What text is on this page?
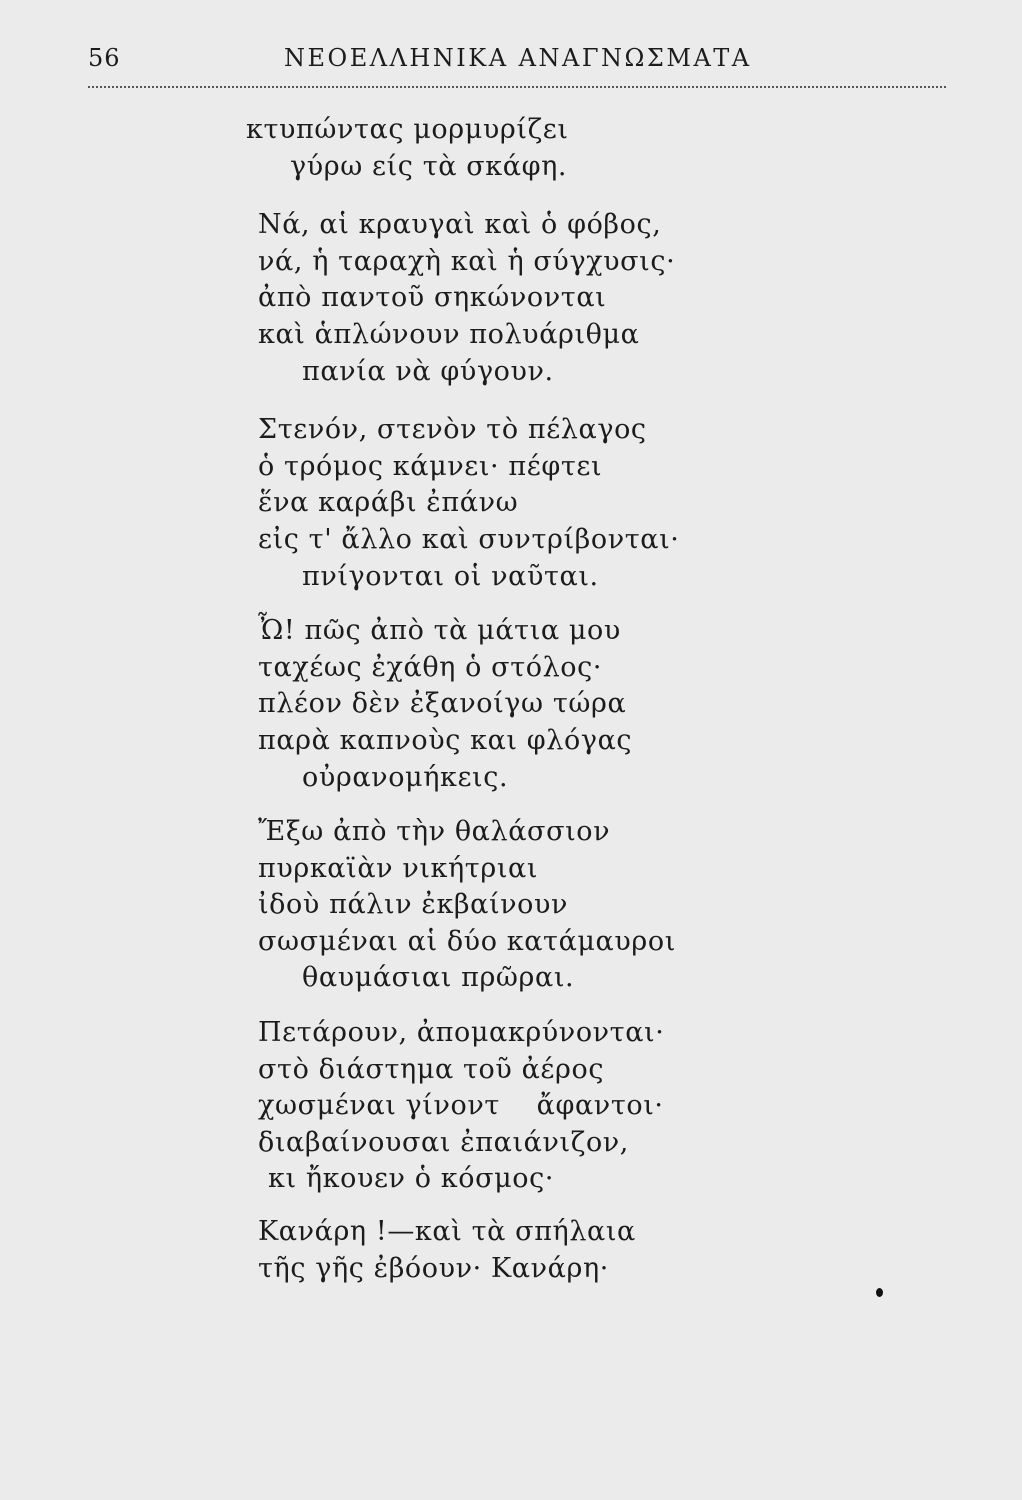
56	ΝΕΟΕΛΛΗΝΙΚΑ ΑΝΑΓΝΩΣΜΑΤΑ
κτυπώντας μορμυρίζει
γύρω είς τὰ σκάφη.
Νά, αἱ κραυγαὶ καὶ ὁ φόβος,
νά, ἡ ταραχὴ καὶ ἡ σύγχυσις·
ἀπὸ παντοῦ σηκώνονται
καὶ ἁπλώνουν πολυάριθμα
πανία νὰ φύγουν.
Στενόν, στενὸν τὸ πέλαγος
ὁ τρόμος κάμνει· πέφτει
ἕνα καράβι ἐπάνω
εἰς τ' ἄλλο καὶ συντρίβονται·
πνίγονται οἱ ναῦται.
Ὦ! πῶς ἀπὸ τὰ μάτια μου
ταχέως ἐχάθη ὁ στόλος·
πλέον δὲν ἐξανοίγω τώρα
παρὰ καπνοὺς και φλόγας
οὐρανομήκεις.
Ἔξω ἀπὸ τὴν θαλάσσιον
πυρκαϊὰν νικήτριαι
ἰδοὺ πάλιν ἐκβαίνουν
σωσμέναι αἱ δύο κατάμαυροι
θαυμάσιαι πρῶραι.
Πετάρουν, ἀπομακρύνονται·
στὸ διάστημα τοῦ ἀέρος
χωσμέναι γίνοντ    ἄφαντοι·
διαβαίνουσαι ἐπαιάνιζον,
κι ἤκουεν ὁ κόσμος·
Κανάρη !—καὶ τὰ σπήλαια
τῆς γῆς ἐβόουν· Κανάρη·
